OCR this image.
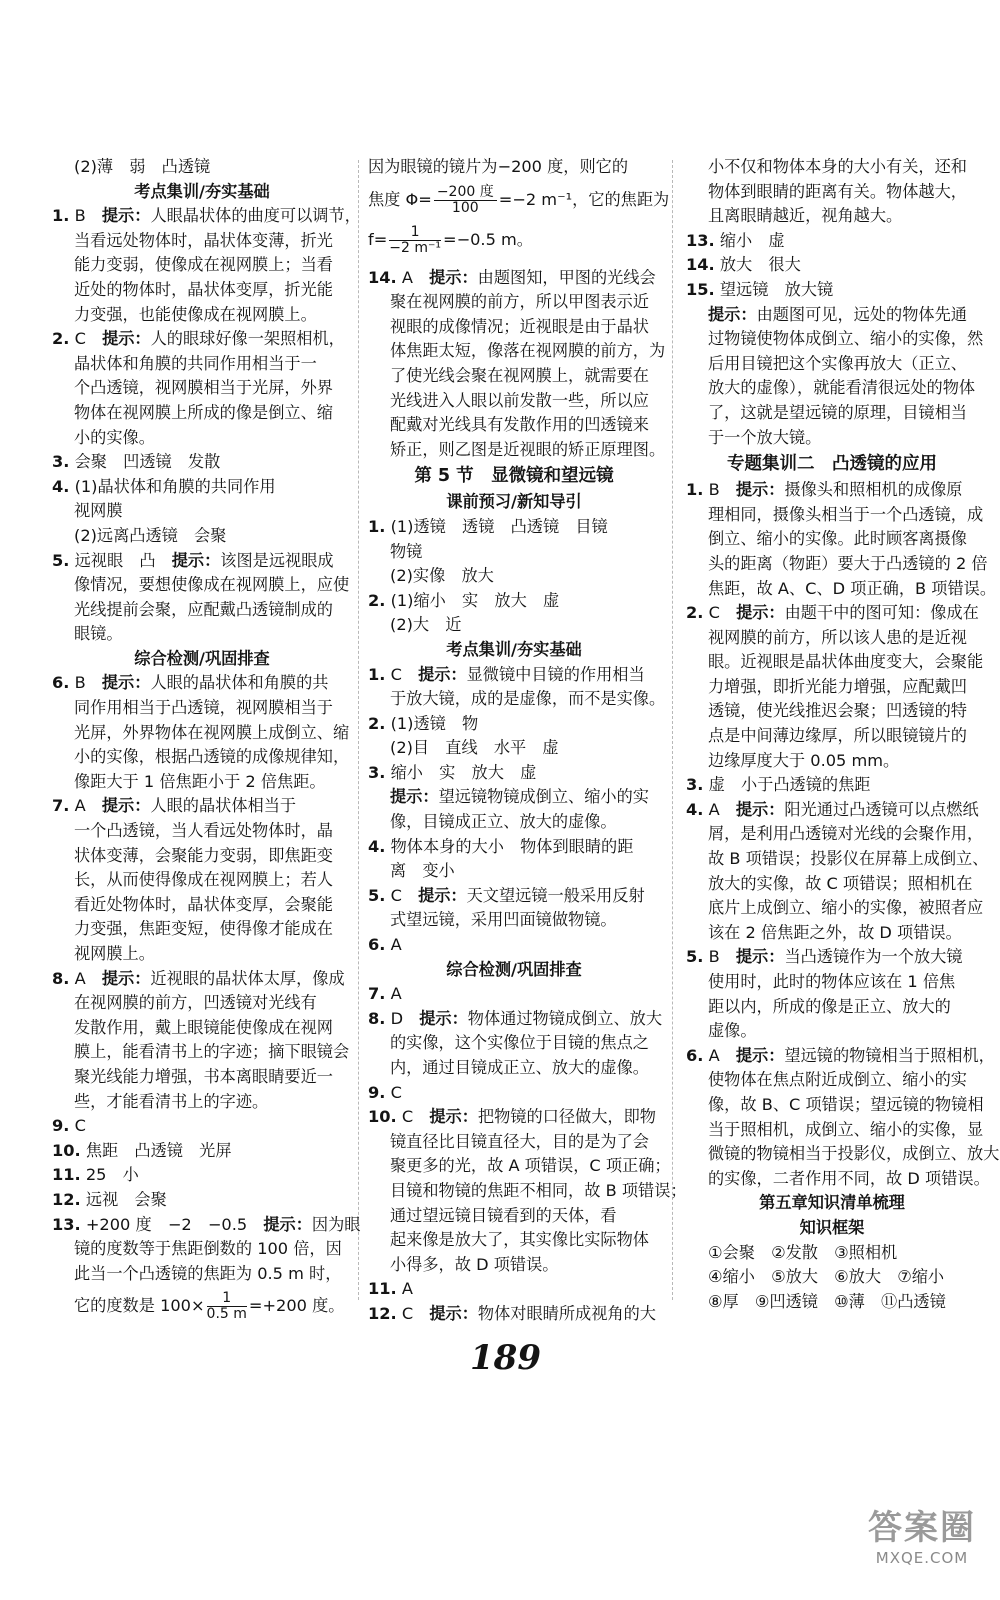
(2)薄　弱　凸透镜
考点集训/夯实基础
1. B　提示：人眼晶状体的曲度可以调节，
当看远处物体时，晶状体变薄，折光
能力变弱，使像成在视网膜上；当看
近处的物体时，晶状体变厚，折光能
力变强，也能使像成在视网膜上。
2. C　提示：人的眼球好像一架照相机，
晶状体和角膜的共同作用相当于一
个凸透镜，视网膜相当于光屏，外界
物体在视网膜上所成的像是倒立、缩
小的实像。
3. 会聚　凹透镜　发散
4. (1)晶状体和角膜的共同作用
视网膜
(2)远离凸透镜　会聚
5. 远视眼　凸　提示：该图是远视眼成
像情况，要想使像成在视网膜上，应使
光线提前会聚，应配戴凸透镜制成的
眼镜。
综合检测/巩固排查
6. B　提示：人眼的晶状体和角膜的共
同作用相当于凸透镜，视网膜相当于
光屏，外界物体在视网膜上成倒立、缩
小的实像，根据凸透镜的成像规律知，
像距大于 1 倍焦距小于 2 倍焦距。
7. A　提示：人眼的晶状体相当于
一个凸透镜，当人看远处物体时，晶
状体变薄，会聚能力变弱，即焦距变
长，从而使得像成在视网膜上；若人
看近处物体时，晶状体变厚，会聚能
力变强，焦距变短，使得像才能成在
视网膜上。
8. A　提示：近视眼的晶状体太厚，像成
在视网膜的前方，凹透镜对光线有
发散作用，戴上眼镜能使像成在视网
膜上，能看清书上的字迹；摘下眼镜会
聚光线能力增强，书本离眼睛要近一
些，才能看清书上的字迹。
9. C
10. 焦距　凸透镜　光屏
11. 25　小
12. 远视　会聚
13. +200 度　−2　−0.5　提示：因为眼
镜的度数等于焦距倒数的 100 倍，因
此当一个凸透镜的焦距为 0.5 m 时，
它的度数是 $100\times \frac{1}{0.5 m} =+200$ 度。
因为眼镜的镜片为−200 度，则它的
焦度 $\Phi= \frac{\text{−200 度}}{100} =-2$ m⁻¹，它的焦距为
$f= \frac{1}{\text{−2 m⁻¹}} =-0.5$ m。
14. A　提示：由题图知，甲图的光线会
聚在视网膜的前方，所以甲图表示近
视眼的成像情况；近视眼是由于晶状
体焦距太短，像落在视网膜的前方，为
了使光线会聚在视网膜上，就需要在
光线进入人眼以前发散一些，所以应
配戴对光线具有发散作用的凹透镜来
矫正，则乙图是近视眼的矫正原理图。
第 5 节　显微镜和望远镜
课前预习/新知导引
1. (1)透镜　透镜　凸透镜　目镜
物镜
(2)实像　放大
2. (1)缩小　实　放大　虚
(2)大　近
考点集训/夯实基础
1. C　提示：显微镜中目镜的作用相当
于放大镜，成的是虚像，而不是实像。
2. (1)透镜　物
(2)目　直线　水平　虚
3. 缩小　实　放大　虚
提示：望远镜物镜成倒立、缩小的实
像，目镜成正立、放大的虚像。
4. 物体本身的大小　物体到眼睛的距
离　变小
5. C　提示：天文望远镜一般采用反射
式望远镜，采用凹面镜做物镜。
6. A
综合检测/巩固排查
7. A
8. D　提示：物体通过物镜成倒立、放大
的实像，这个实像位于目镜的焦点之
内，通过目镜成正立、放大的虚像。
9. C
10. C　提示：把物镜的口径做大，即物
镜直径比目镜直径大，目的是为了会
聚更多的光，故 A 项错误，C 项正确；
目镜和物镜的焦距不相同，故 B 项错误；
通过望远镜目镜看到的天体，看
起来像是放大了，其实像比实际物体
小得多，故 D 项错误。
11. A
12. C　提示：物体对眼睛所成视角的大
小不仅和物体本身的大小有关，还和
物体到眼睛的距离有关。物体越大，
且离眼睛越近，视角越大。
13. 缩小　虚
14. 放大　很大
15. 望远镜　放大镜
提示：由题图可见，远处的物体先通
过物镜使物体成倒立、缩小的实像，然
后用目镜把这个实像再放大（正立、
放大的虚像），就能看清很远处的物体
了，这就是望远镜的原理，目镜相当
于一个放大镜。
专题集训二　凸透镜的应用
1. B　提示：摄像头和照相机的成像原
理相同，摄像头相当于一个凸透镜，成
倒立、缩小的实像。此时顾客离摄像
头的距离（物距）要大于凸透镜的 2 倍
焦距，故 A、C、D 项正确，B 项错误。
2. C　提示：由题干中的图可知：像成在
视网膜的前方，所以该人患的是近视
眼。近视眼是晶状体曲度变大，会聚能
力增强，即折光能力增强，应配戴凹
透镜，使光线推迟会聚；凹透镜的特
点是中间薄边缘厚，所以眼镜镜片的
边缘厚度大于 0.05 mm。
3. 虚　小于凸透镜的焦距
4. A　提示：阳光通过凸透镜可以点燃纸
屑，是利用凸透镜对光线的会聚作用，
故 B 项错误；投影仪在屏幕上成倒立、
放大的实像，故 C 项错误；照相机在
底片上成倒立、缩小的实像，被照者应
该在 2 倍焦距之外，故 D 项错误。
5. B　提示：当凸透镜作为一个放大镜
使用时，此时的物体应该在 1 倍焦
距以内，所成的像是正立、放大的
虚像。
6. A　提示：望远镜的物镜相当于照相机，
使物体在焦点附近成倒立、缩小的实
像，故 B、C 项错误；望远镜的物镜相
当于照相机，成倒立、缩小的实像，显
微镜的物镜相当于投影仪，成倒立、放大
的实像，二者作用不同，故 D 项错误。
第五章知识清单梳理
知识框架
①会聚　②发散　③照相机
④缩小　⑤放大　⑥放大　⑦缩小
⑧厚　⑨凹透镜　⑩薄　⑪凸透镜
189
答案圈
MXQE.COM
